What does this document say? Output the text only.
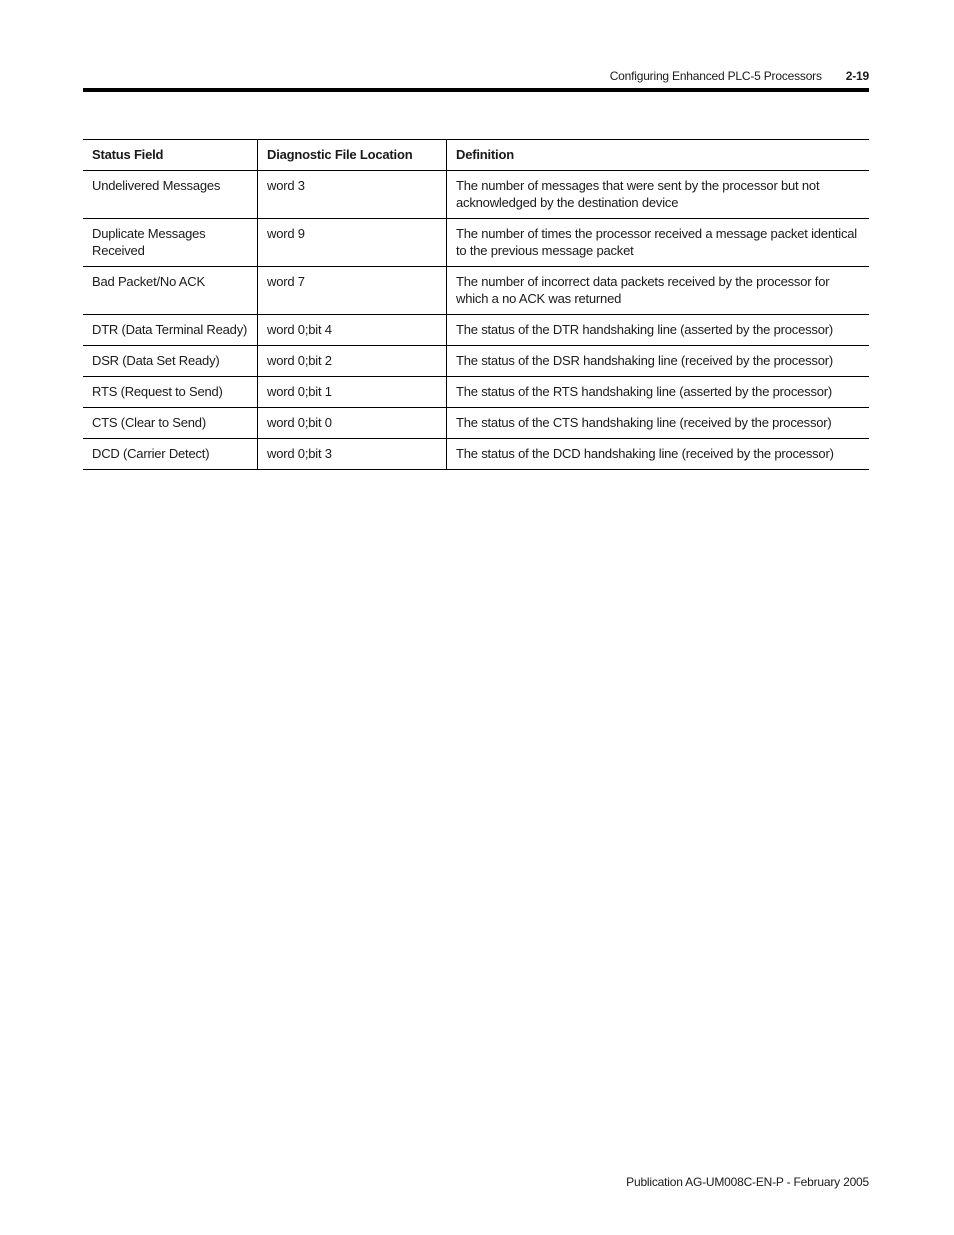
Configuring Enhanced PLC-5 Processors 2-19
Status Field	Diagnostic File Location	Definition
Undelivered Messages	word 3	The number of messages that were sent by the processor but not acknowledged by the destination device
Duplicate Messages Received	word 9	The number of times the processor received a message packet identical to the previous message packet
Bad Packet/No ACK	word 7	The number of incorrect data packets received by the processor for which a no ACK was returned
DTR (Data Terminal Ready)	word 0;bit 4	The status of the DTR handshaking line (asserted by the processor)
DSR (Data Set Ready)	word 0;bit 2	The status of the DSR handshaking line (received by the processor)
RTS (Request to Send)	word 0;bit 1	The status of the RTS handshaking line (asserted by the processor)
CTS (Clear to Send)	word 0;bit 0	The status of the CTS handshaking line (received by the processor)
DCD (Carrier Detect)	word 0;bit 3	The status of the DCD handshaking line (received by the processor)
Publication AG-UM008C-EN-P - February 2005
